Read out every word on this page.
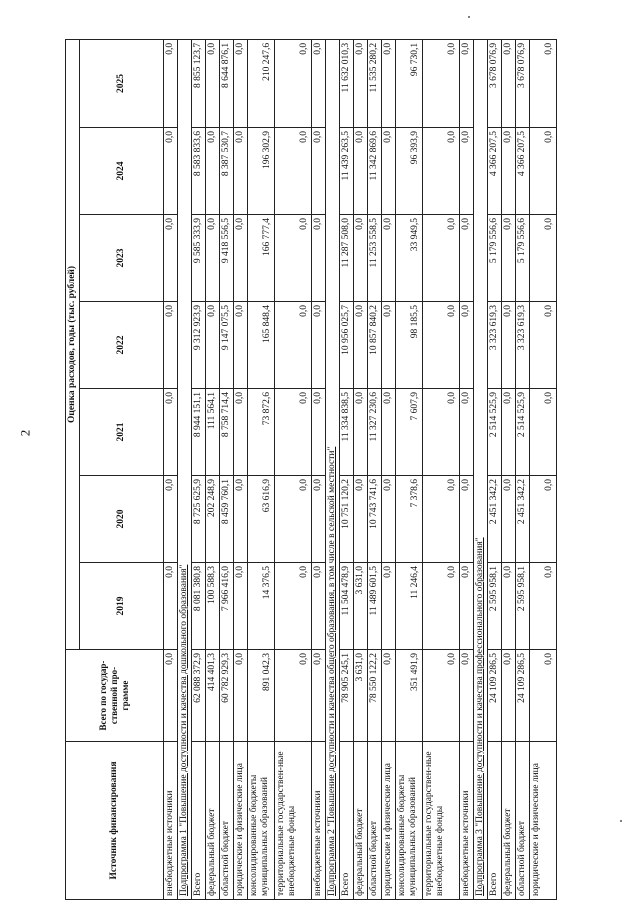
2
Источник финансирования	Всего по государ-ственной про-грамме	Оценка расходов, годы (тыс. рублей)						
		2019	2020	2021	2022	2023	2024	2025
внебюджетные источники	0,0	0,0	0,0	0,0	0,0	0,0	0,0	0,0
Подпрограмма 1 "Повышение доступности и качества дошкольного образования"								
Всего	62 088 372,9	8 081 380,8	8 725 625,9	8 944 151,1	9 312 923,9	9 585 333,9	8 583 833,6	8 855 123,7
федеральный бюджет	414 401,3	100 588,3	202 248,9	111 564,1	0,0	0,0	0,0	0,0
областной бюджет	60 782 929,3	7 966 416,0	8 459 760,1	8 758 714,4	9 147 075,5	9 418 556,5	8 387 530,7	8 644 876,1
юридические и физические лица	0,0	0,0	0,0	0,0	0,0	0,0	0,0	0,0
консолидированные бюджеты муниципальных образований	891 042,3	14 376,5	63 616,9	73 872,6	165 848,4	166 777,4	196 302,9	210 247,6
территориальные государствен-ные внебюджетные фонды	0,0	0,0	0,0	0,0	0,0	0,0	0,0	0,0
внебюджетные источники	0,0	0,0	0,0	0,0	0,0	0,0	0,0	0,0
Подпрограмма 2 "Повышение доступности и качества общего образования, в том числе в сельской местности"								
Всего	78 905 245,1	11 504 478,9	10 751 120,2	11 334 838,5	10 956 025,7	11 287 508,0	11 439 263,5	11 632 010,3
федеральный бюджет	3 631,0	3 631,0	0,0	0,0	0,0	0,0	0,0	0,0
областной бюджет	78 550 122,2	11 489 601,5	10 743 741,6	11 327 230,6	10 857 840,2	11 253 558,5	11 342 869,6	11 535 280,2
юридические и физические лица	0,0	0,0	0,0	0,0	0,0	0,0	0,0	0,0
консолидированные бюджеты муниципальных образований	351 491,9	11 246,4	7 378,6	7 607,9	98 185,5	33 949,5	96 393,9	96 730,1
территориальные государствен-ные внебюджетные фонды	0,0	0,0	0,0	0,0	0,0	0,0	0,0	0,0
внебюджетные источники	0,0	0,0	0,0	0,0	0,0	0,0	0,0	0,0
Подпрограмма 3 "Повышение доступности и качества профессионального образования"								
Всего	24 109 286,5	2 595 958,1	2 451 342,2	2 514 525,9	3 323 619,3	5 179 556,6	4 366 207,5	3 678 076,9
федеральный бюджет	0,0	0,0	0,0	0,0	0,0	0,0	0,0	0,0
областной бюджет	24 109 286,5	2 595 958,1	2 451 342,2	2 514 525,9	3 323 619,3	5 179 556,6	4 366 207,5	3 678 076,9
юридические и физические лица	0,0	0,0	0,0	0,0	0,0	0,0	0,0	0,0
